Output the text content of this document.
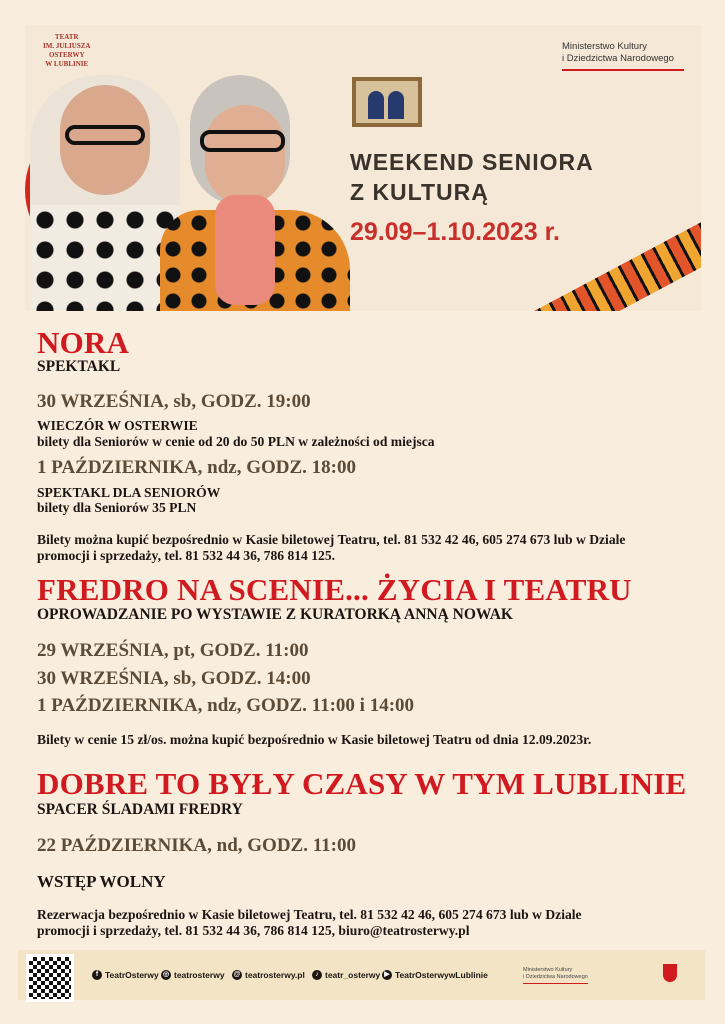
TEATR
IM. JULIUSZA
OSTERWY
W LUBLINIE
Ministerstwo Kultury
i Dziedzictwa Narodowego
WEEKEND SENIORA
Z KULTURĄ
29.09–1.10.2023 r.
NORA
SPEKTAKL
30 WRZEŚNIA, sb, GODZ. 19:00
WIECZÓR W OSTERWIE
bilety dla Seniorów w cenie od 20 do 50 PLN w zależności od miejsca
1 PAŹDZIERNIKA, ndz, GODZ. 18:00
SPEKTAKL DLA SENIORÓW
bilety dla Seniorów 35 PLN
Bilety można kupić bezpośrednio w Kasie biletowej Teatru, tel. 81 532 42 46, 605 274 673 lub w Dziale
promocji i sprzedaży, tel. 81 532 44 36, 786 814 125.
FREDRO NA SCENIE... ŻYCIA I TEATRU
OPROWADZANIE PO WYSTAWIE Z KURATORKĄ ANNĄ NOWAK
29 WRZEŚNIA, pt, GODZ. 11:00
30 WRZEŚNIA, sb, GODZ. 14:00
1 PAŹDZIERNIKA, ndz, GODZ. 11:00 i 14:00
Bilety w cenie 15 zł/os. można kupić bezpośrednio w Kasie biletowej Teatru od dnia 12.09.2023r.
DOBRE TO BYŁY CZASY W TYM LUBLINIE
SPACER ŚLADAMI FREDRY
22 PAŹDZIERNIKA, nd, GODZ. 11:00
WSTĘP WOLNY
Rezerwacja bezpośrednio w Kasie biletowej Teatru, tel. 81 532 42 46, 605 274 673 lub w Dziale
promocji i sprzedaży, tel. 81 532 44 36, 786 814 125, biuro@teatrosterwy.pl
f TeatrOsterwy ◎ teatrosterwy @ teatrosterwy.pl	♪ teatr_osterwy ▶ TeatrOsterwywLublinie	Ministerstwo Kultury
i Dziedzictwa Narodowego
